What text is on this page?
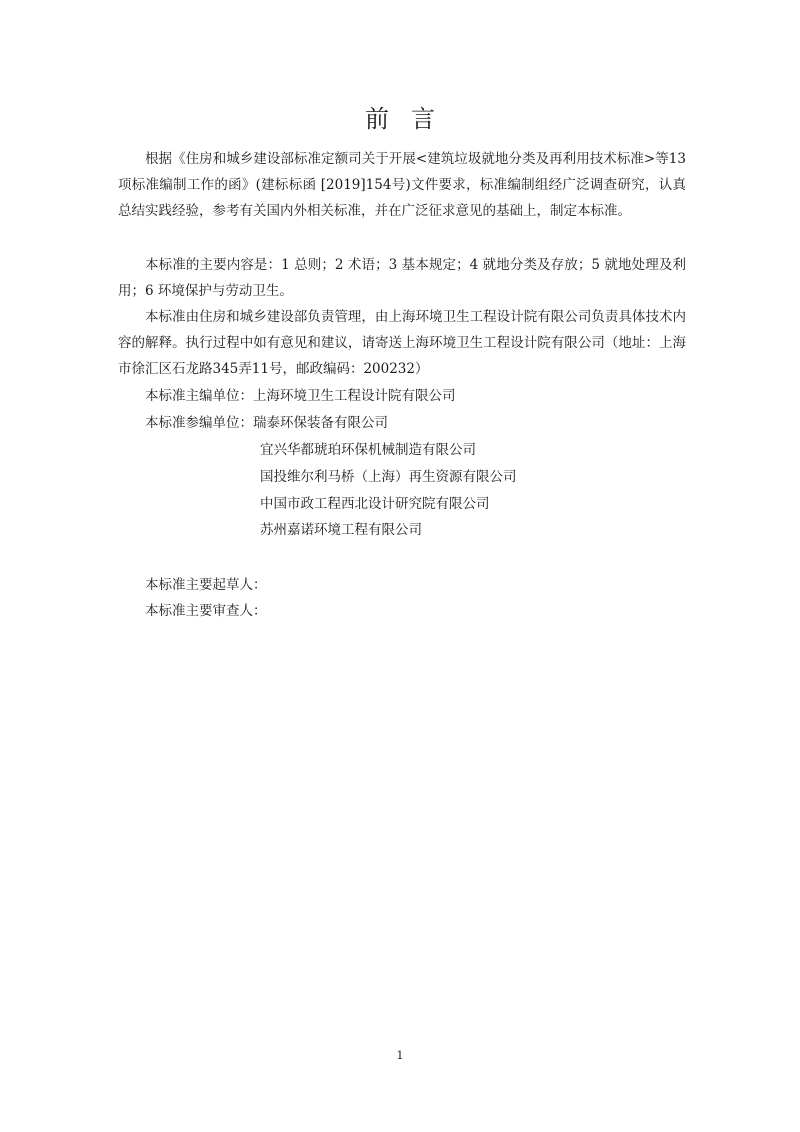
前言
根据《住房和城乡建设部标准定额司关于开展<建筑垃圾就地分类及再利用技术标准>等13项标准编制工作的函》(建标标函 [2019]154号)文件要求，标准编制组经广泛调查研究，认真总结实践经验，参考有关国内外相关标准，并在广泛征求意见的基础上，制定本标准。
本标准的主要内容是：1 总则；2 术语；3 基本规定；4 就地分类及存放；5 就地处理及利用；6 环境保护与劳动卫生。
本标准由住房和城乡建设部负责管理，由上海环境卫生工程设计院有限公司负责具体技术内容的解释。执行过程中如有意见和建议，请寄送上海环境卫生工程设计院有限公司（地址：上海市徐汇区石龙路345弄11号，邮政编码：200232）
本标准主编单位：上海环境卫生工程设计院有限公司
本标准参编单位：瑞泰环保装备有限公司
宜兴华都琥珀环保机械制造有限公司
国投维尔利马桥（上海）再生资源有限公司
中国市政工程西北设计研究院有限公司
苏州嘉诺环境工程有限公司
本标准主要起草人：
本标准主要审查人：
1
